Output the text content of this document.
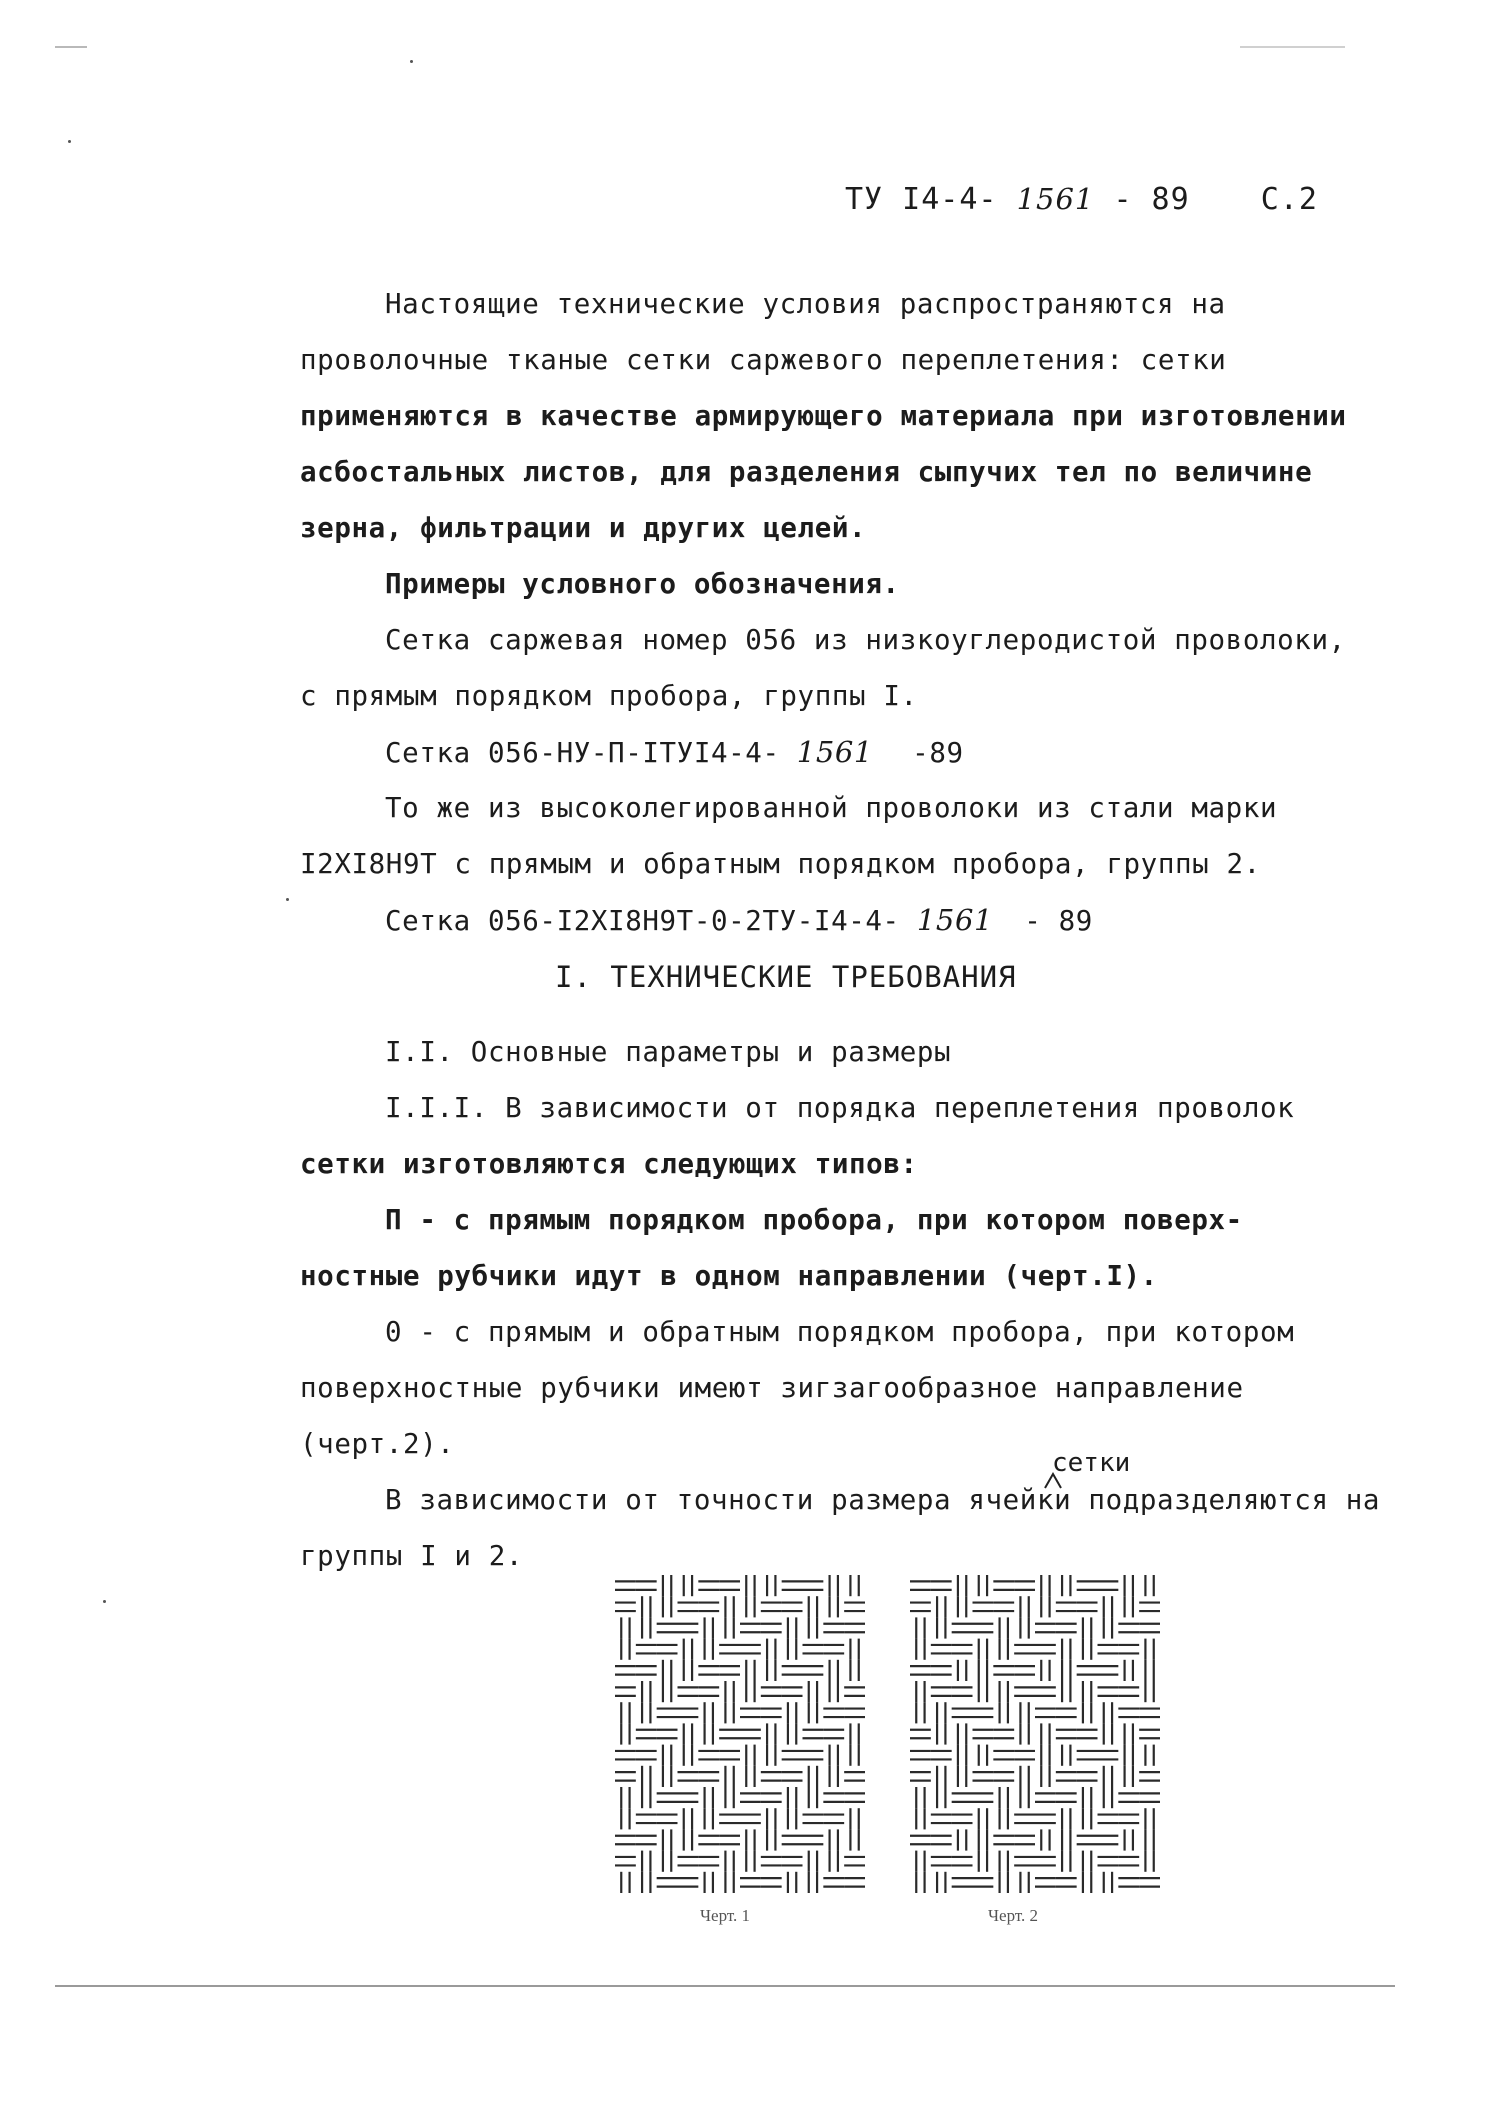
ТУ I4-4- 1561 - 89 С.2
Настоящие технические условия распространяются на
проволочные тканые сетки саржевого переплетения: сетки
применяются в качестве армирующего материала при изготовлении
асбостальных листов, для разделения сыпучих тел по величине
зерна, фильтрации и других целей.
Примеры условного обозначения.
Сетка саржевая номер 056 из низкоуглеродистой проволоки,
с прямым порядком пробора, группы I.
Сетка 056-НУ-П-IТУI4-4- 1561 -89
То же из высоколегированной проволоки из стали марки
I2XI8H9T с прямым и обратным порядком пробора, группы 2.
Сетка 056-I2XI8H9T-0-2ТУ-I4-4- 1561 - 89
I. ТЕХНИЧЕСКИЕ ТРЕБОВАНИЯ
I.I. Основные параметры и размеры
I.I.I. В зависимости от порядка переплетения проволок
сетки изготовляются следующих типов:
П - с прямым порядком пробора, при котором поверх-
ностные рубчики идут в одном направлении (черт.I).
0 - с прямым и обратным порядком пробора, при котором
поверхностные рубчики имеют зигзагообразное направление
(черт.2).
В зависимости от точности размера ячейки подразделяются на
группы I и 2.
сетки
Черт. 1	Черт. 2
